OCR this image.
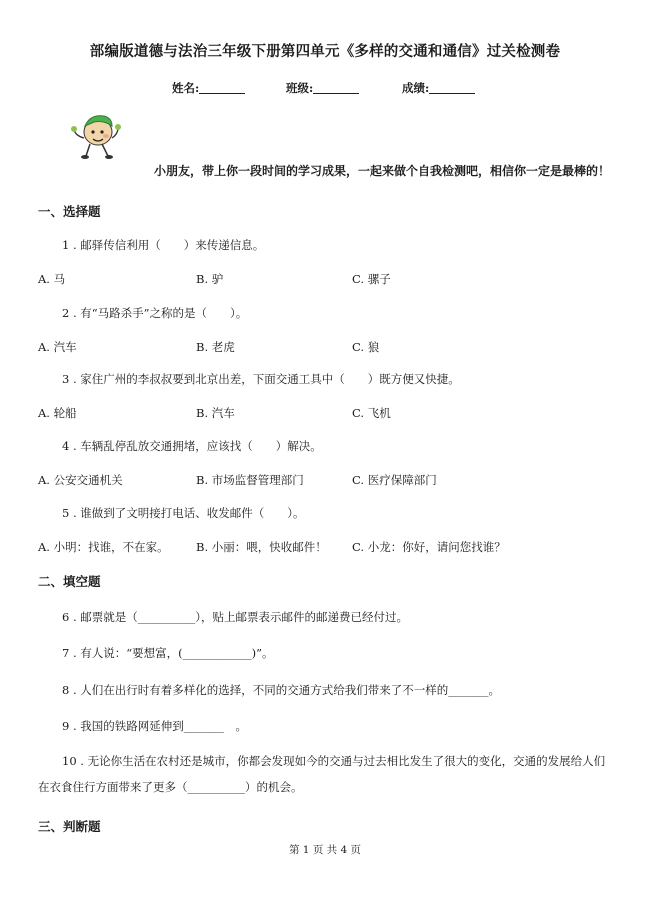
部编版道德与法治三年级下册第四单元《多样的交通和通信》过关检测卷
姓名:	班级:	成绩:
小朋友，带上你一段时间的学习成果，一起来做个自我检测吧，相信你一定是最棒的！
一、选择题
1 . 邮驿传信利用（　　）来传递信息。
A. 马	B. 驴	C. 骡子
2 . 有“马路杀手”之称的是（　　）。
A. 汽车	B. 老虎	C. 狼
3 . 家住广州的李叔叔要到北京出差，下面交通工具中（　　）既方便又快捷。
A. 轮船	B. 汽车	C. 飞机
4 . 车辆乱停乱放交通拥堵，应该找（　　）解决。
A. 公安交通机关	B. 市场监督管理部门	C. 医疗保障部门
5 . 谁做到了文明接打电话、收发邮件（　　）。
A. 小明：找谁，不在家。 B. 小丽：喂，快收邮件！ C. 小龙：你好，请问您找谁？
二、填空题
6 . 邮票就是（__________），贴上邮票表示邮件的邮递费已经付过。
7 . 有人说：“要想富，(____________)”。
8 . 人们在出行时有着多样化的选择，不同的交通方式给我们带来了不一样的_______。
9 . 我国的铁路网延伸到_______　。
10 . 无论你生活在农村还是城市，你都会发现如今的交通与过去相比发生了很大的变化，交通的发展给人们在衣食住行方面带来了更多（__________）的机会。
三、判断题
第 1 页 共 4 页
